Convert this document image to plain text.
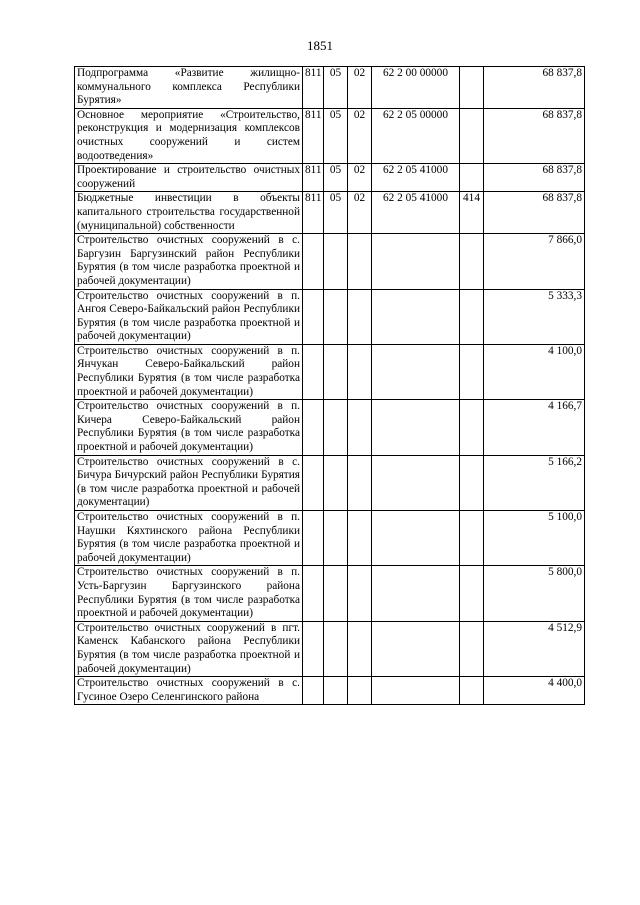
1851
Подпрограмма «Развитие жилищно-коммунального комплекса Республики Бурятия»	811	05	02	62 2 00 00000		68 837,8
Основное мероприятие «Строительство, реконструкция и модернизация комплексов очистных сооружений и систем водоотведения»	811	05	02	62 2 05 00000		68 837,8
Проектирование и строительство очистных сооружений	811	05	02	62 2 05 41000		68 837,8
Бюджетные инвестиции в объекты капитального строительства государственной (муниципальной) собственности	811	05	02	62 2 05 41000	414	68 837,8
Строительство очистных сооружений в с. Баргузин Баргузинский район Республики Бурятия (в том числе разработка проектной и рабочей документации)						7 866,0
Строительство очистных сооружений в п. Ангоя Северо-Байкальский район Республики Бурятия (в том числе разработка проектной и рабочей документации)						5 333,3
Строительство очистных сооружений в п. Янчукан Северо-Байкальский район Республики Бурятия (в том числе разработка проектной и рабочей документации)						4 100,0
Строительство очистных сооружений в п. Кичера Северо-Байкальский район Республики Бурятия (в том числе разработка проектной и рабочей документации)						4 166,7
Строительство очистных сооружений в с. Бичура Бичурский район Республики Бурятия (в том числе разработка проектной и рабочей документации)						5 166,2
Строительство очистных сооружений в п. Наушки Кяхтинского района Республики Бурятия (в том числе разработка проектной и рабочей документации)						5 100,0
Строительство очистных сооружений в п. Усть-Баргузин Баргузинского района Республики Бурятия (в том числе разработка проектной и рабочей документации)						5 800,0
Строительство очистных сооружений в пгт. Каменск Кабанского района Республики Бурятия (в том числе разработка проектной и рабочей документации)						4 512,9
Строительство очистных сооружений в с. Гусиное Озеро Селенгинского района						4 400,0
